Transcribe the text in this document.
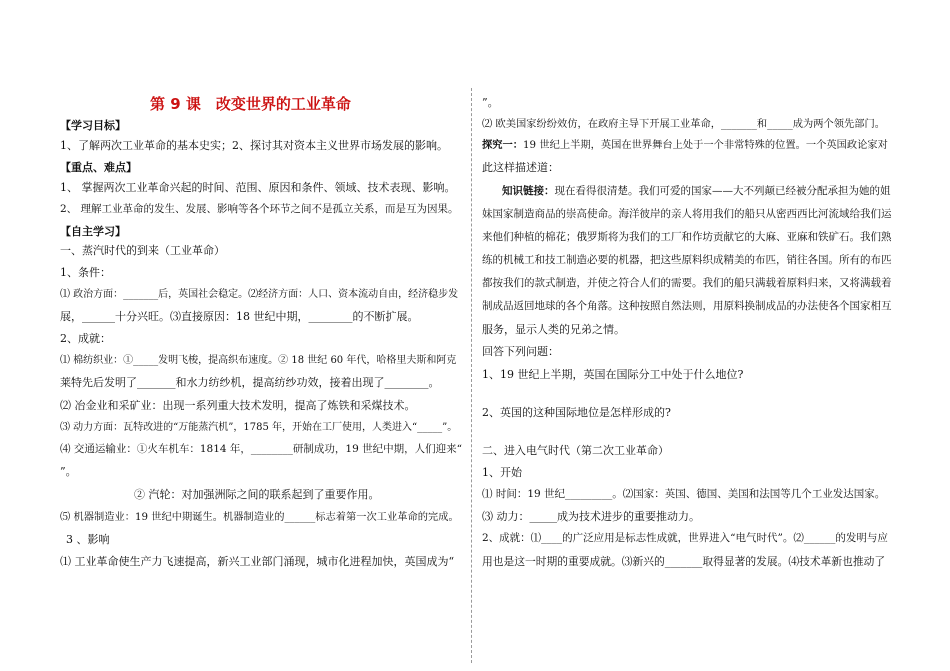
第 9 课　改变世界的工业革命
【学习目标】
1、了解两次工业革命的基本史实；2、探讨其对资本主义世界市场发展的影响。
【重点、难点】
1、 掌握两次工业革命兴起的时间、范围、原因和条件、领域、技术表现、影响。
2、 理解工业革命的发生、发展、影响等各个环节之间不是孤立关系，而是互为因果。
【自主学习】
一、蒸汽时代的到来（工业革命）
1、条件：
⑴ 政治方面：_______后，英国社会稳定。⑵经济方面：人口、资本流动自由，经济稳步发
展，______十分兴旺。⑶直接原因：18 世纪中期，________的不断扩展。
2、成就：
⑴ 棉纺织业：①_____发明飞梭，提高织布速度。② 18 世纪 60 年代，哈格里夫斯和阿克
莱特先后发明了_______和水力纺纱机，提高纺纱功效，接着出现了________。
⑵ 冶金业和采矿业：出现一系列重大技术发明，提高了炼铁和采煤技术。
⑶ 动力方面：瓦特改进的“万能蒸汽机”，1785 年，开始在工厂使用，人类进入“_____”。
⑷ 交通运输业：①火车机车：1814 年，________研制成功，19 世纪中期，人们迎来“
”。
② 汽轮：对加强洲际之间的联系起到了重要作用。
⑸ 机器制造业：19 世纪中期诞生。机器制造业的______标志着第一次工业革命的完成。
3 、影响
⑴ 工业革命使生产力飞速提高，新兴工业部门涌现，城市化进程加快，英国成为“
”。
⑵ 欧美国家纷纷效仿，在政府主导下开展工业革命，_______和_____成为两个领先部门。
探究一：19 世纪上半期，英国在世界舞台上处于一个非常特殊的位置。一个英国政论家对
此这样描述道：
知识链接：现在看得很清楚。我们可爱的国家——大不列颠已经被分配承担为她的姐
妹国家制造商品的崇高使命。海洋彼岸的亲人将用我们的船只从密西西比河流域给我们运
来他们种植的棉花；俄罗斯将为我们的工厂和作坊贡献它的大麻、亚麻和铁矿石。我们熟
练的机械工和技工制造必要的机器，把这些原料织成精美的布匹，销往各国。所有的布匹
都按我们的款式制造，并使之符合人们的需要。我们的船只满载着原料归来，又将满载着
制成品返回地球的各个角落。这种按照自然法则，用原料换制成品的办法使各个国家相互
服务，显示人类的兄弟之情。
回答下列问题：
1、19 世纪上半期，英国在国际分工中处于什么地位?
2、英国的这种国际地位是怎样形成的?
二、进入电气时代（第二次工业革命）
1、开始
⑴ 时间：19 世纪_________。⑵国家：英国、德国、美国和法国等几个工业发达国家。
⑶ 动力：_____成为技术进步的重要推动力。
2、成就：⑴____的广泛应用是标志性成就，世界进入“电气时代”。⑵______的发明与应
用也是这一时期的重要成就。⑶新兴的_______取得显著的发展。⑷技术革新也推动了
